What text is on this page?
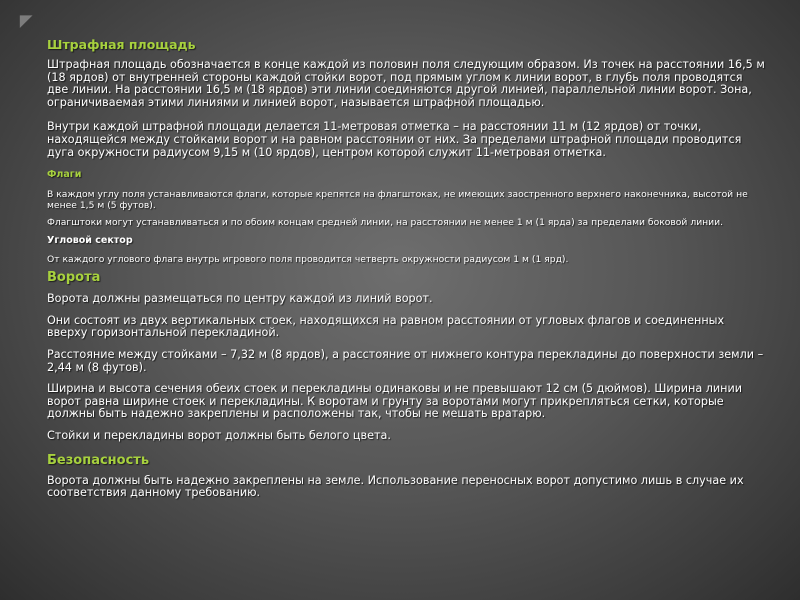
Штрафная площадь

Штрафная площадь обозначается в конце каждой из половин поля следующим образом. Из точек на расстоянии 16,5 м (18 ярдов) от внутренней стороны каждой стойки ворот, под прямым углом к линии ворот, в глубь поля проводятся две линии. На расстоянии 16,5 м (18 ярдов) эти линии соединяются другой линией, параллельной линии ворот. Зона, ограничиваемая этими линиями и линией ворот, называется штрафной площадью.

Внутри каждой штрафной площади делается 11-метровая отметка – на расстоянии 11 м (12 ярдов) от точки, находящейся между стойками ворот и на равном расстоянии от них. За пределами штрафной площади проводится дуга окружности радиусом 9,15 м (10 ярдов), центром которой служит 11-метровая отметка.

Флаги

В каждом углу поля устанавливаются флаги, которые крепятся на флагштоках, не имеющих заостренного верхнего наконечника, высотой не менее 1,5 м (5 футов).

Флагштоки могут устанавливаться и по обоим концам средней линии, на расстоянии не менее 1 м (1 ярда) за пределами боковой линии.

Угловой сектор

От каждого углового флага внутрь игрового поля проводится четверть окружности радиусом 1 м (1 ярд).

Ворота

Ворота должны размещаться по центру каждой из линий ворот.

Они состоят из двух вертикальных стоек, находящихся на равном расстоянии от угловых флагов и соединенных вверху горизонтальной перекладиной.

Расстояние между стойками – 7,32 м (8 ярдов), а расстояние от нижнего контура перекладины до поверхности земли – 2,44 м (8 футов).

Ширина и высота сечения обеих стоек и перекладины одинаковы и не превышают 12 см (5 дюймов). Ширина линии ворот равна ширине стоек и перекладины. К воротам и грунту за воротами могут прикрепляться сетки, которые должны быть надежно закреплены и расположены так, чтобы не мешать вратарю.

Стойки и перекладины ворот должны быть белого цвета.

Безопасность

Ворота должны быть надежно закреплены на земле. Использование переносных ворот допустимо лишь в случае их соответствия данному требованию.
